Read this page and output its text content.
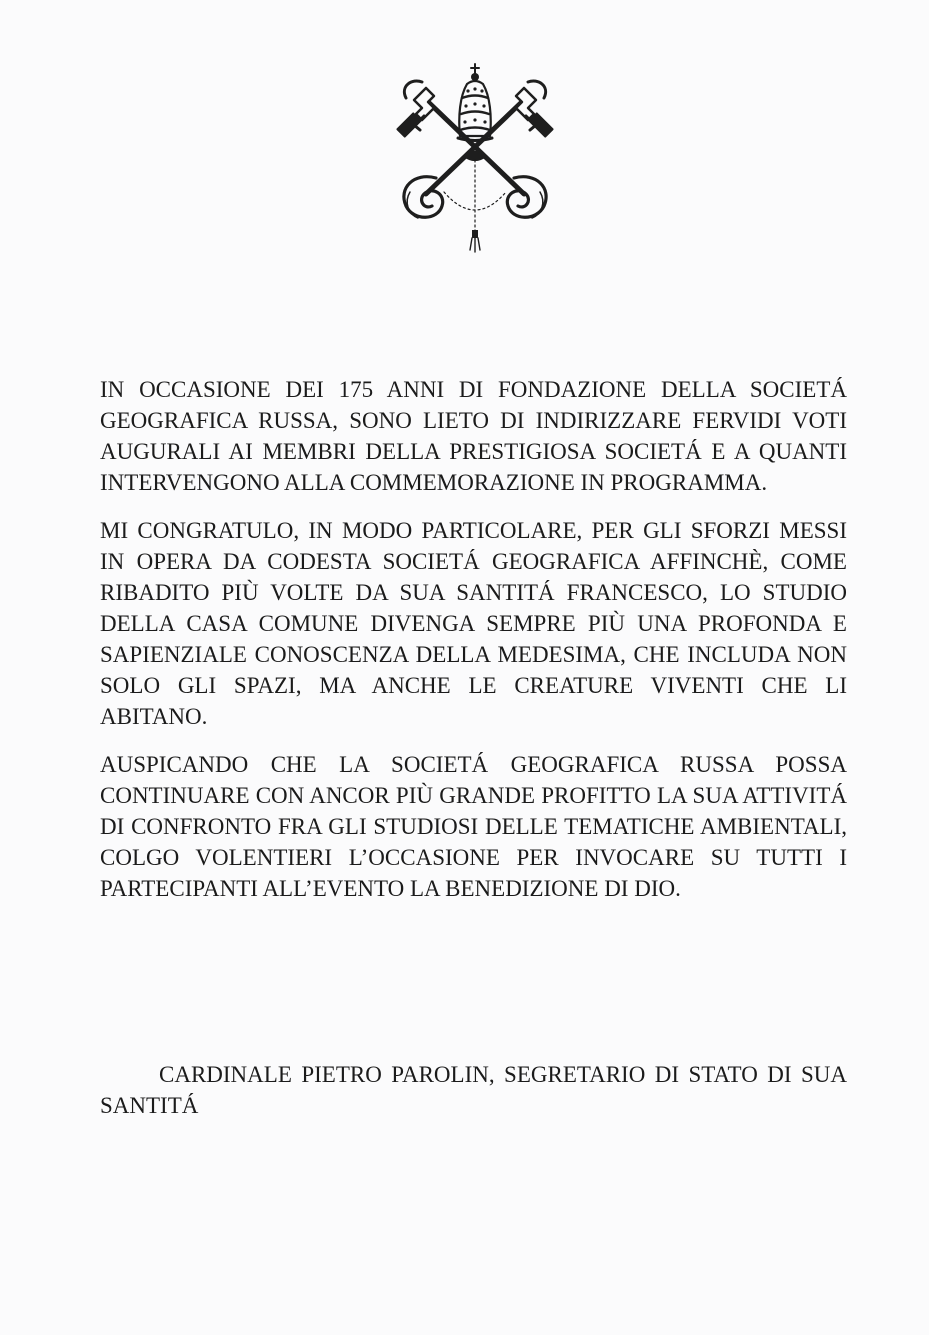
IN OCCASIONE DEI 175 ANNI DI FONDAZIONE DELLA SOCIETÁ GEOGRAFICA RUSSA, SONO LIETO DI INDIRIZZARE FERVIDI VOTI AUGURALI AI MEMBRI DELLA PRESTIGIOSA SOCIETÁ E A QUANTI INTERVENGONO ALLA COMMEMORAZIONE IN PROGRAMMA.

MI CONGRATULO, IN MODO PARTICOLARE, PER GLI SFORZI MESSI IN OPERA DA CODESTA SOCIETÁ GEOGRAFICA AFFINCHÈ, COME RIBADITO PIÙ VOLTE DA SUA SANTITÁ FRANCESCO, LO STUDIO DELLA CASA COMUNE DIVENGA SEMPRE PIÙ UNA PROFONDA E SAPIENZIALE CONOSCENZA DELLA MEDESIMA, CHE INCLUDA NON SOLO GLI SPAZI, MA ANCHE LE CREATURE VIVENTI CHE LI ABITANO.

AUSPICANDO CHE LA SOCIETÁ GEOGRAFICA RUSSA POSSA CONTINUARE CON ANCOR PIÙ GRANDE PROFITTO LA SUA ATTIVITÁ DI CONFRONTO FRA GLI STUDIOSI DELLE TEMATICHE AMBIENTALI, COLGO VOLENTIERI L’OCCASIONE PER INVOCARE SU TUTTI I PARTECIPANTI ALL’EVENTO LA BENEDIZIONE DI DIO.

CARDINALE PIETRO PAROLIN, SEGRETARIO DI STATO DI SUA SANTITÁ
